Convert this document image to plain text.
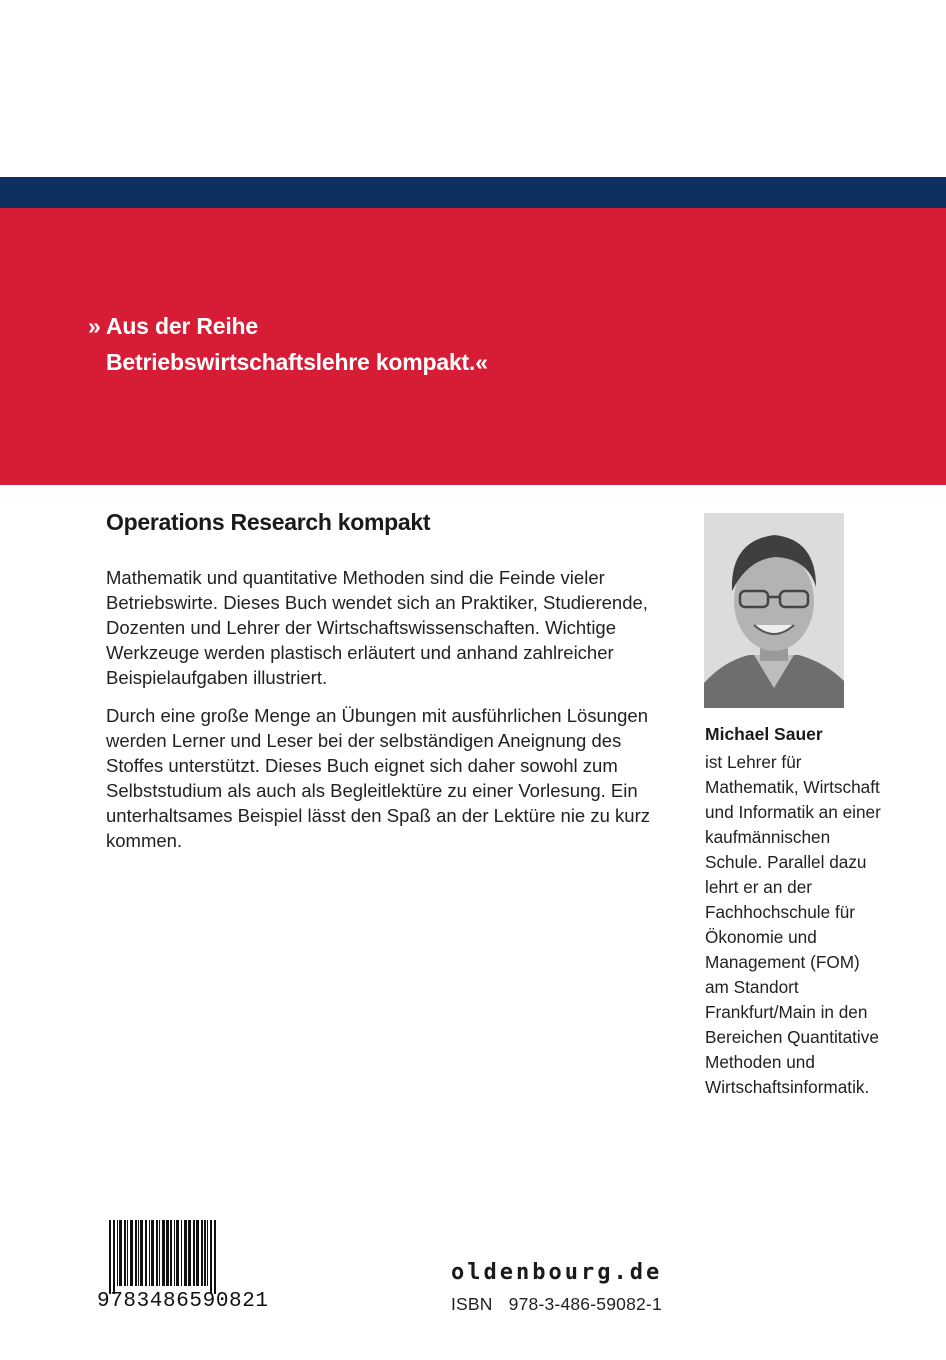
» Aus der Reihe
Betriebswirtschaftslehre kompakt.«
Operations Research kompakt

Mathematik und quantitative Methoden sind die Feinde vieler Betriebswirte. Dieses Buch wendet sich an Praktiker, Studierende, Dozenten und Lehrer der Wirtschaftswissenschaften. Wichtige Werkzeuge werden plastisch erläutert und anhand zahlreicher Beispielaufgaben illustriert.

Durch eine große Menge an Übungen mit ausführlichen Lösungen werden Lerner und Leser bei der selbständigen Aneignung des Stoffes unterstützt. Dieses Buch eignet sich daher sowohl zum Selbststudium als auch als Begleitlektüre zu einer Vorlesung. Ein unterhaltsames Beispiel lässt den Spaß an der Lektüre nie zu kurz kommen.

Michael Sauer
ist Lehrer für Mathematik, Wirtschaft und Informatik an einer kaufmännischen Schule. Parallel dazu lehrt er an der Fachhochschule für Ökonomie und Management (FOM) am Standort Frankfurt/Main in den Bereichen Quantitative Methoden und Wirtschaftsinformatik.
9783486590821
oldenbourg.de
ISBN 978-3-486-59082-1
